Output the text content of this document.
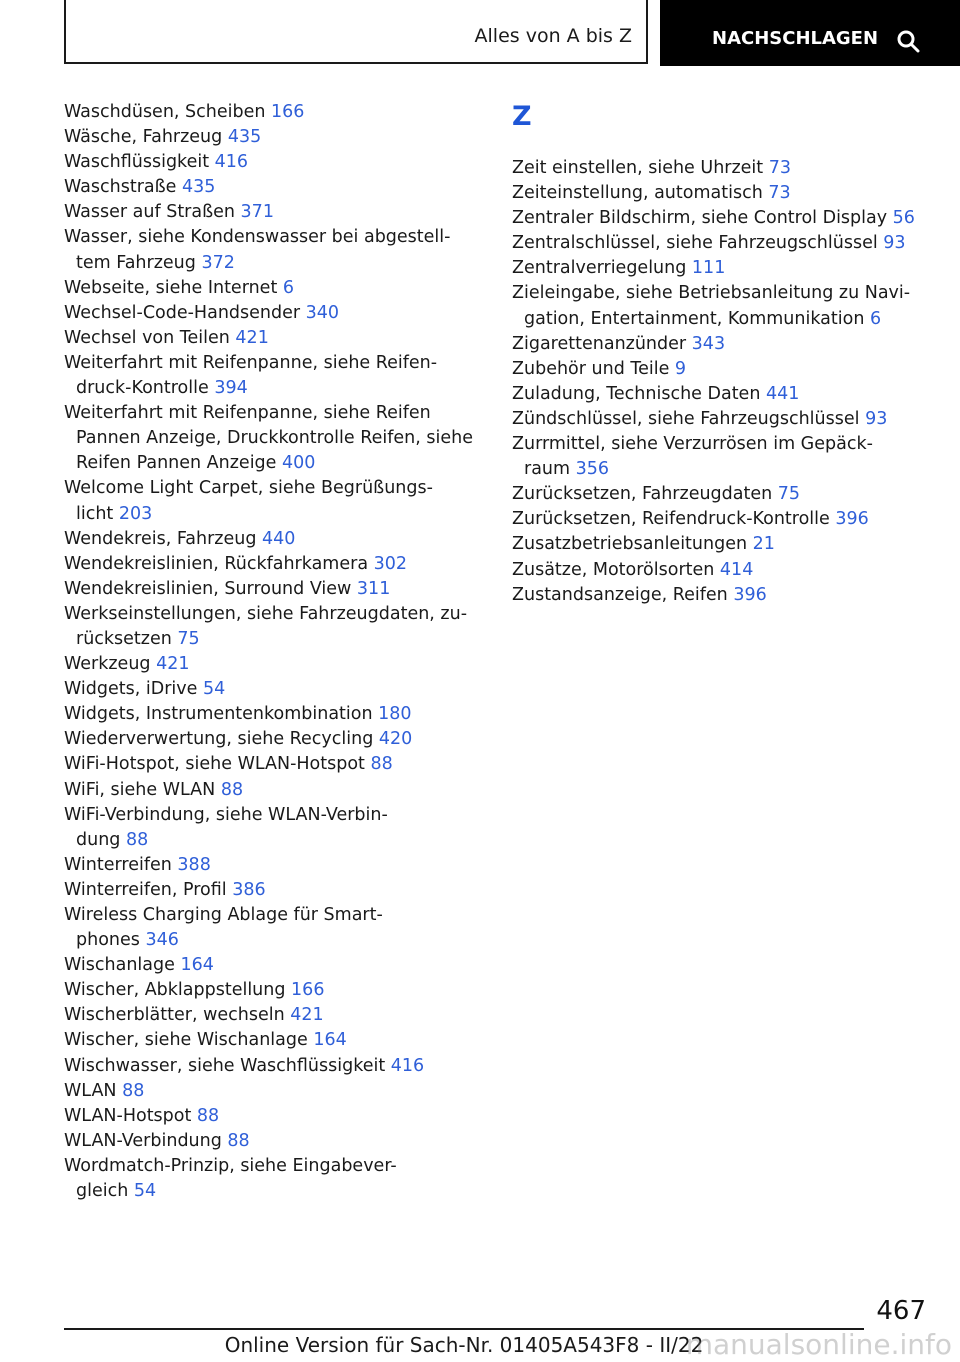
Alles von A bis Z	NACHSCHLAGEN
Waschdüsen, Scheiben 166
Wäsche, Fahrzeug 435
Waschflüssigkeit 416
Waschstraße 435
Wasser auf Straßen 371
Wasser, siehe Kondenswasser bei abgestell-
tem Fahrzeug 372
Webseite, siehe Internet 6
Wechsel-Code-Handsender 340
Wechsel von Teilen 421
Weiterfahrt mit Reifenpanne, siehe Reifen-
druck-Kontrolle 394
Weiterfahrt mit Reifenpanne, siehe Reifen
Pannen Anzeige, Druckkontrolle Reifen, siehe
Reifen Pannen Anzeige 400
Welcome Light Carpet, siehe Begrüßungs-
licht 203
Wendekreis, Fahrzeug 440
Wendekreislinien, Rückfahrkamera 302
Wendekreislinien, Surround View 311
Werkseinstellungen, siehe Fahrzeugdaten, zu-
rücksetzen 75
Werkzeug 421
Widgets, iDrive 54
Widgets, Instrumentenkombination 180
Wiederverwertung, siehe Recycling 420
WiFi-Hotspot, siehe WLAN-Hotspot 88
WiFi, siehe WLAN 88
WiFi-Verbindung, siehe WLAN-Verbin-
dung 88
Winterreifen 388
Winterreifen, Profil 386
Wireless Charging Ablage für Smart-
phones 346
Wischanlage 164
Wischer, Abklappstellung 166
Wischerblätter, wechseln 421
Wischer, siehe Wischanlage 164
Wischwasser, siehe Waschflüssigkeit 416
WLAN 88
WLAN-Hotspot 88
WLAN-Verbindung 88
Wordmatch-Prinzip, siehe Eingabever-
gleich 54
Z
Zeit einstellen, siehe Uhrzeit 73
Zeiteinstellung, automatisch 73
Zentraler Bildschirm, siehe Control Display 56
Zentralschlüssel, siehe Fahrzeugschlüssel 93
Zentralverriegelung 111
Zieleingabe, siehe Betriebsanleitung zu Navi-
gation, Entertainment, Kommunikation 6
Zigarettenanzünder 343
Zubehör und Teile 9
Zuladung, Technische Daten 441
Zündschlüssel, siehe Fahrzeugschlüssel 93
Zurrmittel, siehe Verzurrösen im Gepäck-
raum 356
Zurücksetzen, Fahrzeugdaten 75
Zurücksetzen, Reifendruck-Kontrolle 396
Zusatzbetriebsanleitungen 21
Zusätze, Motorölsorten 414
Zustandsanzeige, Reifen 396
467
Online Version für Sach-Nr. 01405A543F8 - II/22
manualsonline.info
